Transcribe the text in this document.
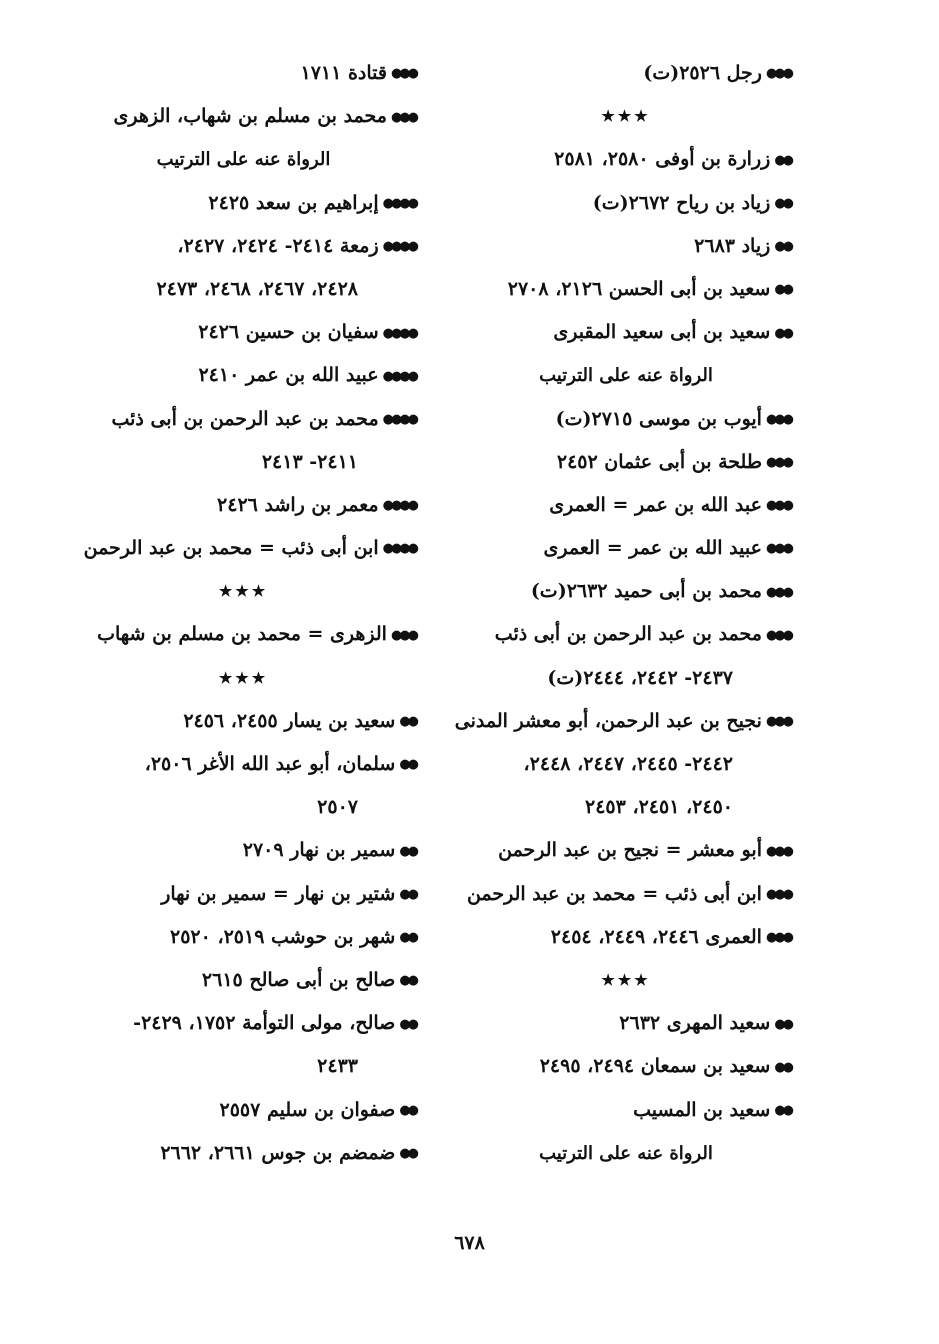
●●●رجل ٢٥٢٦(ت)
★★★
●●زرارة بن أوفى ٢٥٨٠، ٢٥٨١
●●زياد بن رياح ٢٦٧٢(ت)
●●زياد ٢٦٨٣
●●سعيد بن أبى الحسن ٢١٢٦، ٢٧٠٨
●●سعيد بن أبى سعيد المقبرى
الرواة عنه على الترتيب
●●●أيوب بن موسى ٢٧١٥(ت)
●●●طلحة بن أبى عثمان ٢٤٥٢
●●●عبد الله بن عمر = العمرى
●●●عبيد الله بن عمر = العمرى
●●●محمد بن أبى حميد ٢٦٣٢(ت)
●●●محمد بن عبد الرحمن بن أبى ذئب
٢٤٣٧- ٢٤٤٢، ٢٤٤٤(ت)
●●●نجيح بن عبد الرحمن، أبو معشر المدنى
٢٤٤٢- ٢٤٤٥، ٢٤٤٧، ٢٤٤٨،
٢٤٥٠، ٢٤٥١، ٢٤٥٣
●●●أبو معشر = نجيح بن عبد الرحمن
●●●ابن أبى ذئب = محمد بن عبد الرحمن
●●●العمرى ٢٤٤٦، ٢٤٤٩، ٢٤٥٤
★★★
●●سعيد المهرى ٢٦٣٢
●●سعيد بن سمعان ٢٤٩٤، ٢٤٩٥
●●سعيد بن المسيب
الرواة عنه على الترتيب
●●●قتادة ١٧١١
●●●محمد بن مسلم بن شهاب، الزهرى
الرواة عنه على الترتيب
●●●●إبراهيم بن سعد ٢٤٢٥
●●●●زمعة ٢٤١٤- ٢٤٢٤، ٢٤٢٧،
٢٤٢٨، ٢٤٦٧، ٢٤٦٨، ٢٤٧٣
●●●●سفيان بن حسين ٢٤٢٦
●●●●عبيد الله بن عمر ٢٤١٠
●●●●محمد بن عبد الرحمن بن أبى ذئب
٢٤١١- ٢٤١٣
●●●●معمر بن راشد ٢٤٢٦
●●●●ابن أبى ذئب = محمد بن عبد الرحمن
★★★
●●●الزهرى = محمد بن مسلم بن شهاب
★★★
●●سعيد بن يسار ٢٤٥٥، ٢٤٥٦
●●سلمان، أبو عبد الله الأغر ٢٥٠٦،
٢٥٠٧
●●سمير بن نهار ٢٧٠٩
●●شتير بن نهار = سمير بن نهار
●●شهر بن حوشب ٢٥١٩، ٢٥٢٠
●●صالح بن أبى صالح ٢٦١٥
●●صالح، مولى التوأمة ١٧٥٢، ٢٤٢٩-
٢٤٣٣
●●صفوان بن سليم ٢٥٥٧
●●ضمضم بن جوس ٢٦٦١، ٢٦٦٢
٦٧٨
